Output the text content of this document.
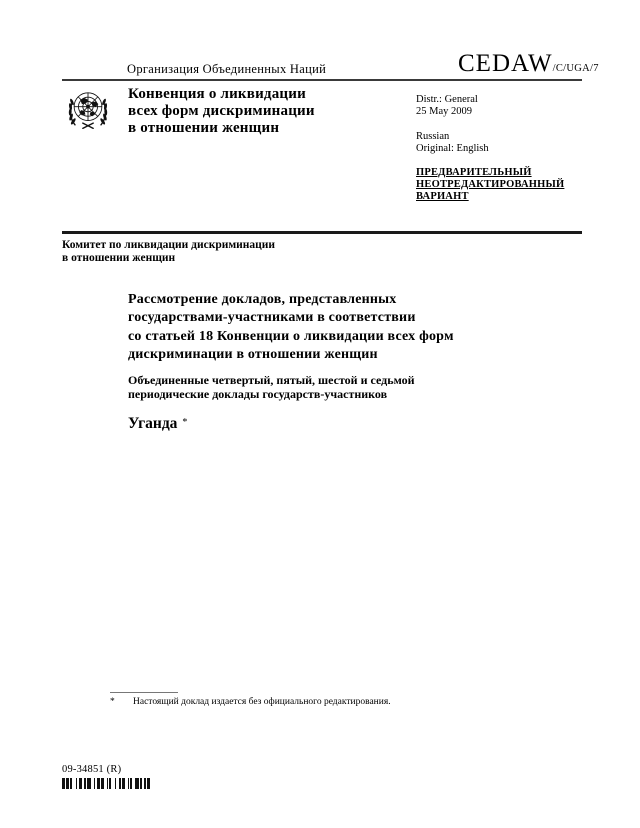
Организация Объединенных Наций	CEDAW /C/UGA/7
Конвенция о ликвидации
всех форм дискриминации
в отношении женщин
Distr.: General
25 May 2009
Russian
Original: English
ПРЕДВАРИТЕЛЬНЫЙ
НЕОТРЕДАКТИРОВАННЫЙ
ВАРИАНТ
Комитет по ликвидации дискриминации
в отношении женщин
Рассмотрение докладов, представленных
государствами-участниками в соответствии
со статьей 18 Конвенции о ликвидации всех форм
дискриминации в отношении женщин
Объединенные четвертый, пятый, шестой и седьмой
периодические доклады государств-участников
Уганда *
*	Настоящий доклад издается без официального редактирования.
09-34851 (R)
